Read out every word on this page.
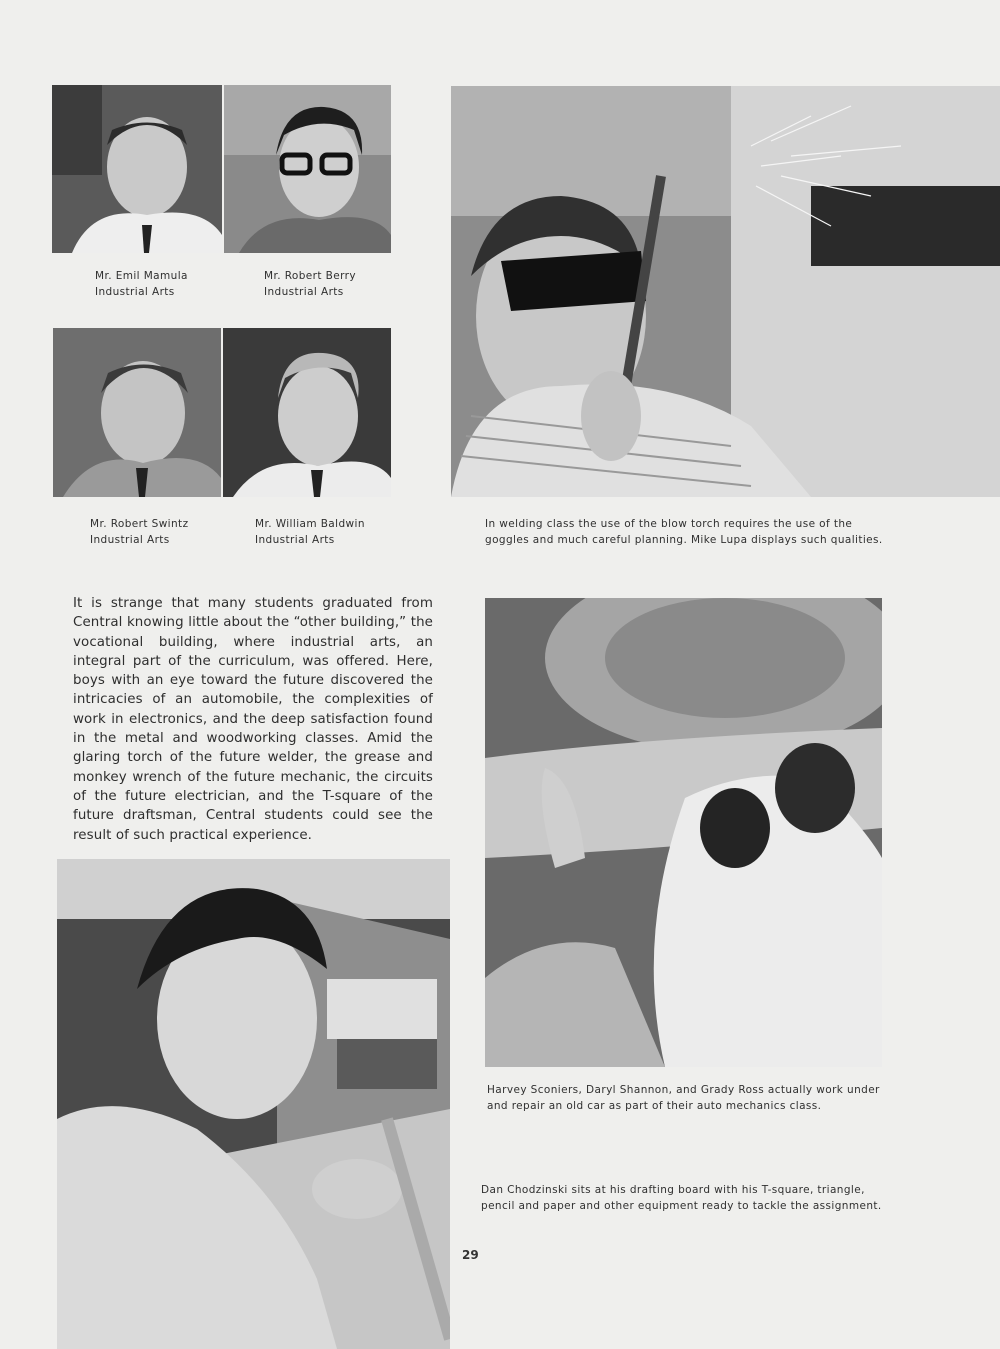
Mr. Emil Mamula
Industrial Arts

Mr. Robert Berry
Industrial Arts

Mr. Robert Swintz
Industrial Arts

Mr. William Baldwin
Industrial Arts

In welding class the use of the blow torch requires the use of the goggles and much careful planning. Mike Lupa displays such qualities.

It is strange that many students graduated from Central knowing little about the “other building,” the vocational building, where industrial arts, an integral part of the curriculum, was offered. Here, boys with an eye toward the future discovered the intricacies of an automobile, the complexities of work in electronics, and the deep satisfaction found in the metal and woodworking classes. Amid the glaring torch of the future welder, the grease and monkey wrench of the future mechanic, the circuits of the future electrician, and the T-square of the future draftsman, Central students could see the result of such practical experience.

Harvey Sconiers, Daryl Shannon, and Grady Ross actually work under and repair an old car as part of their auto mechanics class.

Dan Chodzinski sits at his drafting board with his T-square, triangle, pencil and paper and other equipment ready to tackle the assignment.

29
